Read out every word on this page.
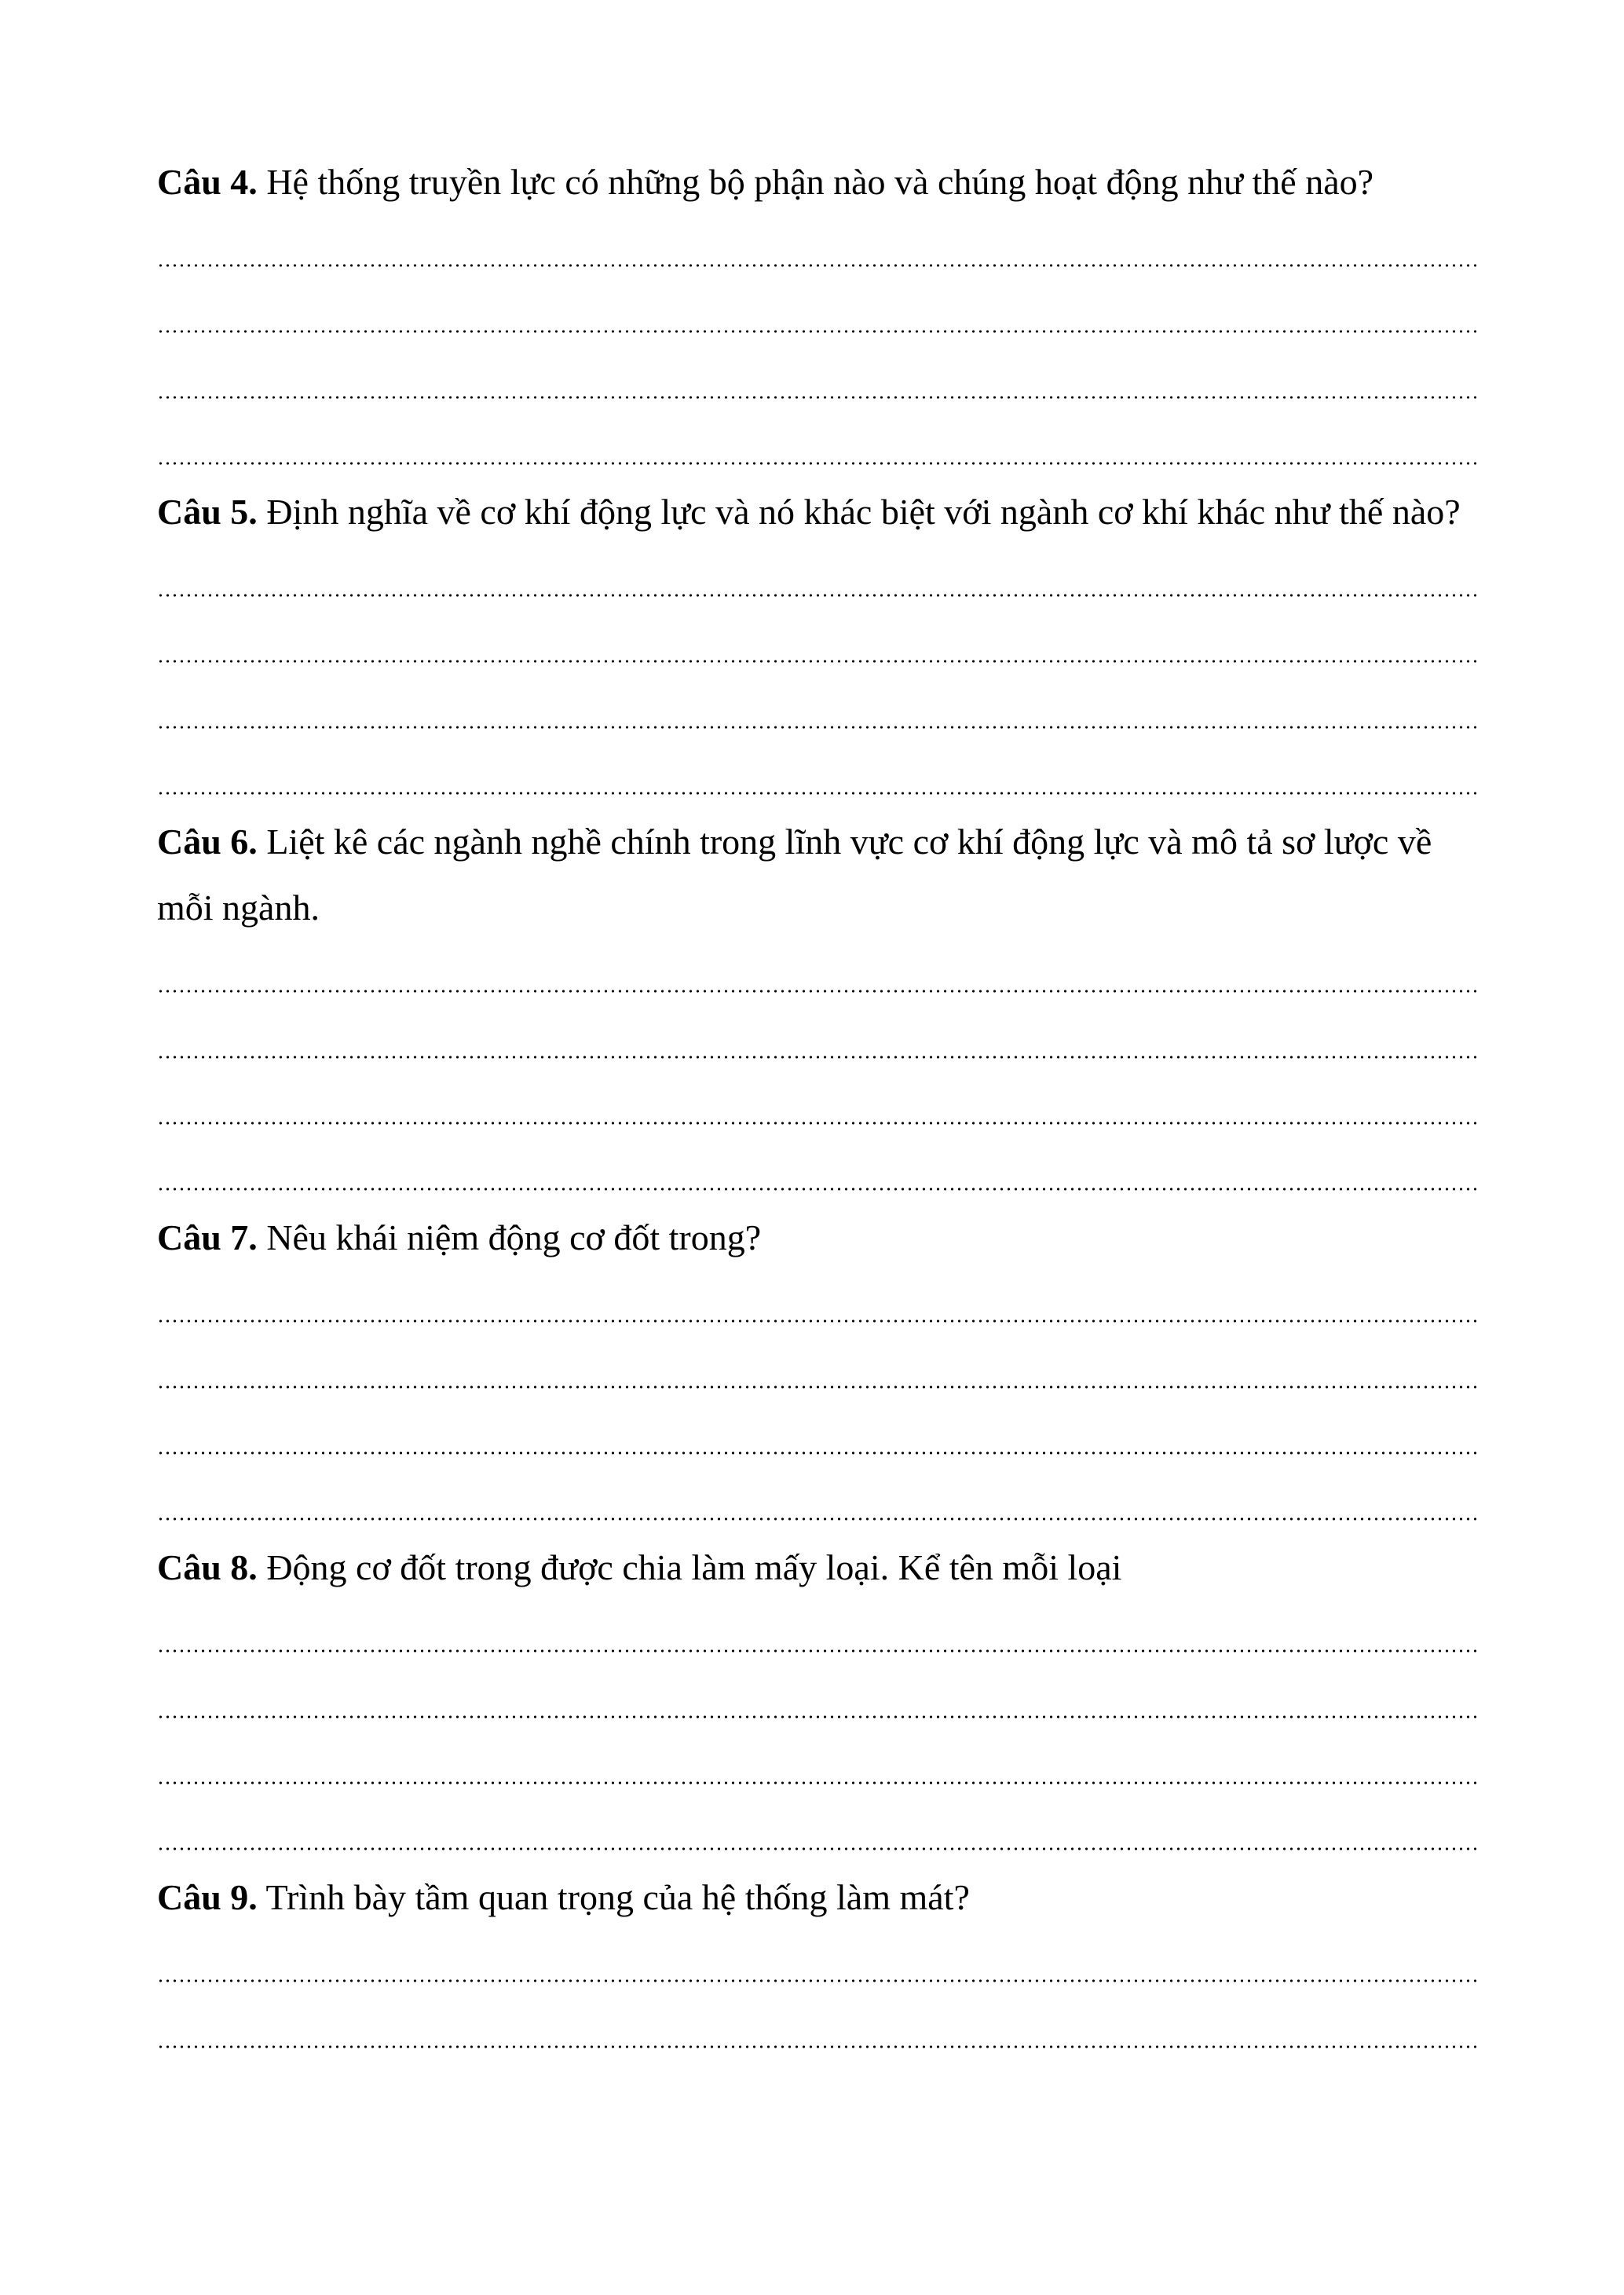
Câu 4. Hệ thống truyền lực có những bộ phận nào và chúng hoạt động như thế nào?

Câu 5. Định nghĩa về cơ khí động lực và nó khác biệt với ngành cơ khí khác như thế nào?

Câu 6. Liệt kê các ngành nghề chính trong lĩnh vực cơ khí động lực và mô tả sơ lược về mỗi ngành.

Câu 7. Nêu khái niệm động cơ đốt trong?

Câu 8. Động cơ đốt trong được chia làm mấy loại. Kể tên mỗi loại

Câu 9. Trình bày tầm quan trọng của hệ thống làm mát?
